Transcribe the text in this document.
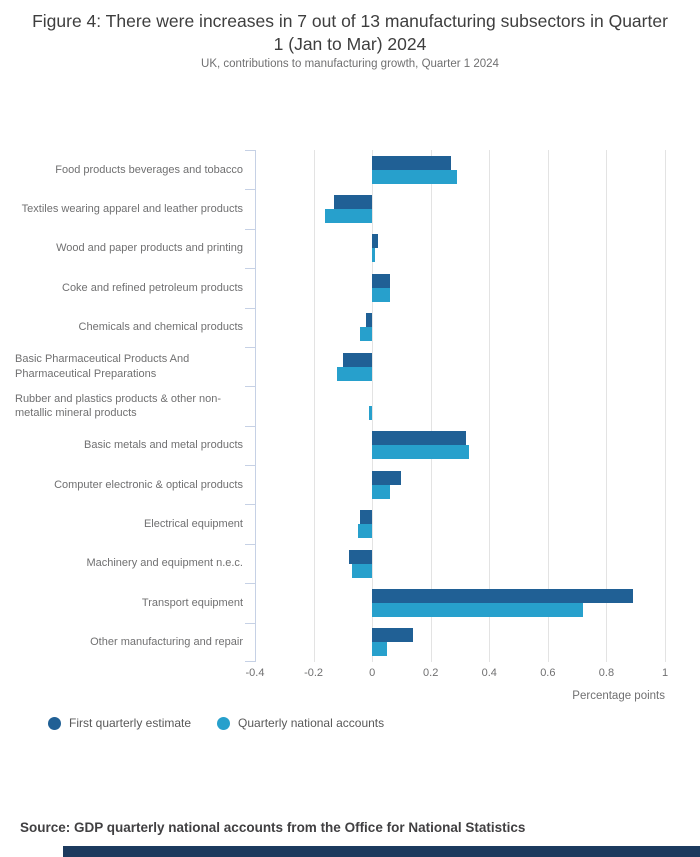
Figure 4: There were increases in 7 out of 13 manufacturing subsectors in Quarter 1 (Jan to Mar) 2024

UK, contributions to manufacturing growth, Quarter 1 2024

Food products beverages and tobacco
Textiles wearing apparel and leather products
Wood and paper products and printing
Coke and refined petroleum products
Chemicals and chemical products
Basic Pharmaceutical Products And Pharmaceutical Preparations
Rubber and plastics products & other non-metallic mineral products
Basic metals and metal products
Computer electronic & optical products
Electrical equipment
Machinery and equipment n.e.c.
Transport equipment
Other manufacturing and repair
-0.4	-0.2	0	0.2	0.4	0.6	0.8	1
Percentage points
First quarterly estimate	Quarterly national accounts

Source: GDP quarterly national accounts from the Office for National Statistics
